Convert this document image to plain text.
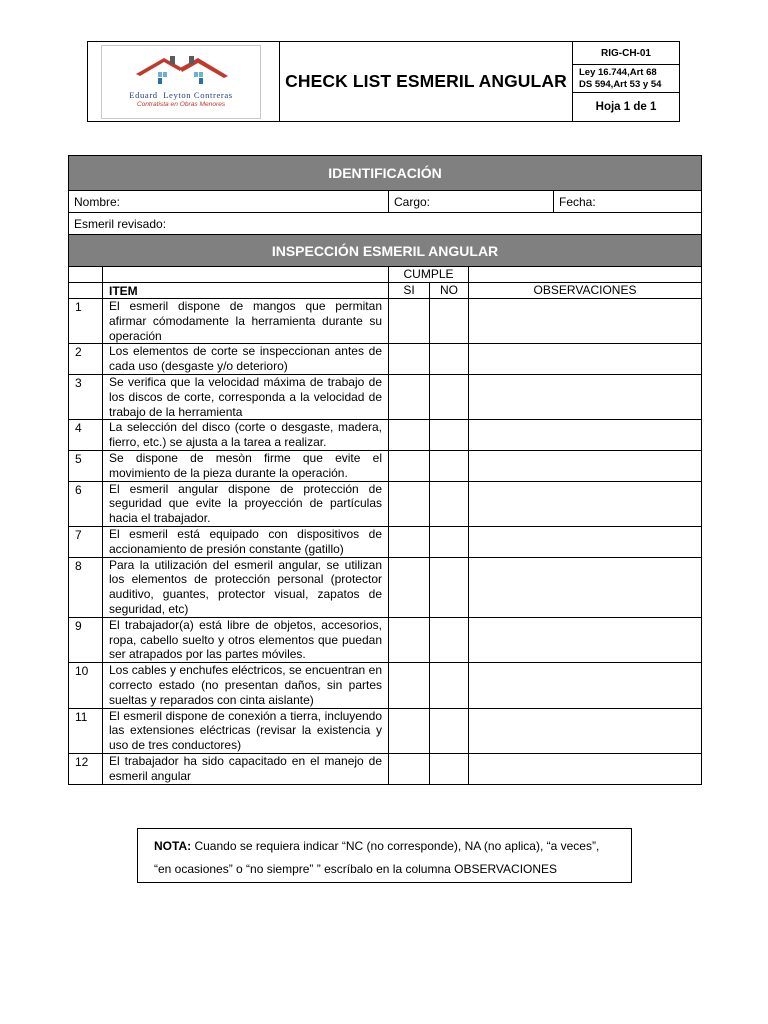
Eduard Leyton Contreras
Contratista en Obras Menores
CHECK LIST ESMERIL ANGULAR
RIG-CH-01
Ley 16.744,Art 68
DS 594,Art 53 y 54
Hoja 1 de 1
IDENTIFICACIÓN					
Nombre:		Cargo:			Fecha:
Esmeril revisado:					
INSPECCIÓN ESMERIL ANGULAR					
		CUMPLE			
	ITEM	SI	NO	OBSERVACIONES	
1	El esmeril dispone de mangos que permitan afirmar cómodamente la herramienta durante su operación				
2	Los elementos de corte se inspeccionan antes de cada uso (desgaste y/o deterioro)				
3	Se verifica que la velocidad máxima de trabajo de los discos de corte, corresponda a la velocidad de trabajo de la herramienta				
4	La selección del disco (corte o desgaste, madera, fierro, etc.) se ajusta a la tarea a realizar.				
5	Se dispone de mesòn firme que evite el movimiento de la pieza durante la operación.				
6	El esmeril angular dispone de protección de seguridad que evite la proyección de partículas hacia el trabajador.				
7	El esmeril está equipado con dispositivos de accionamiento de presión constante (gatillo)				
8	Para la utilización del esmeril angular, se utilizan los elementos de protección personal (protector auditivo, guantes, protector visual, zapatos de seguridad, etc)				
9	El trabajador(a) está libre de objetos, accesorios, ropa, cabello suelto y otros elementos que puedan ser atrapados por las partes móviles.				
10	Los cables y enchufes eléctricos, se encuentran en correcto estado (no presentan daños, sin partes sueltas y reparados con cinta aislante)				
11	El esmeril dispone de conexión a tierra, incluyendo las extensiones eléctricas (revisar la existencia y uso de tres conductores)				
12	El trabajador ha sido capacitado en el manejo de esmeril angular				
NOTA: Cuando se requiera indicar “NC (no corresponde), NA (no aplica), “a veces”, “en ocasiones” o “no siempre” ” escríbalo en la columna OBSERVACIONES
